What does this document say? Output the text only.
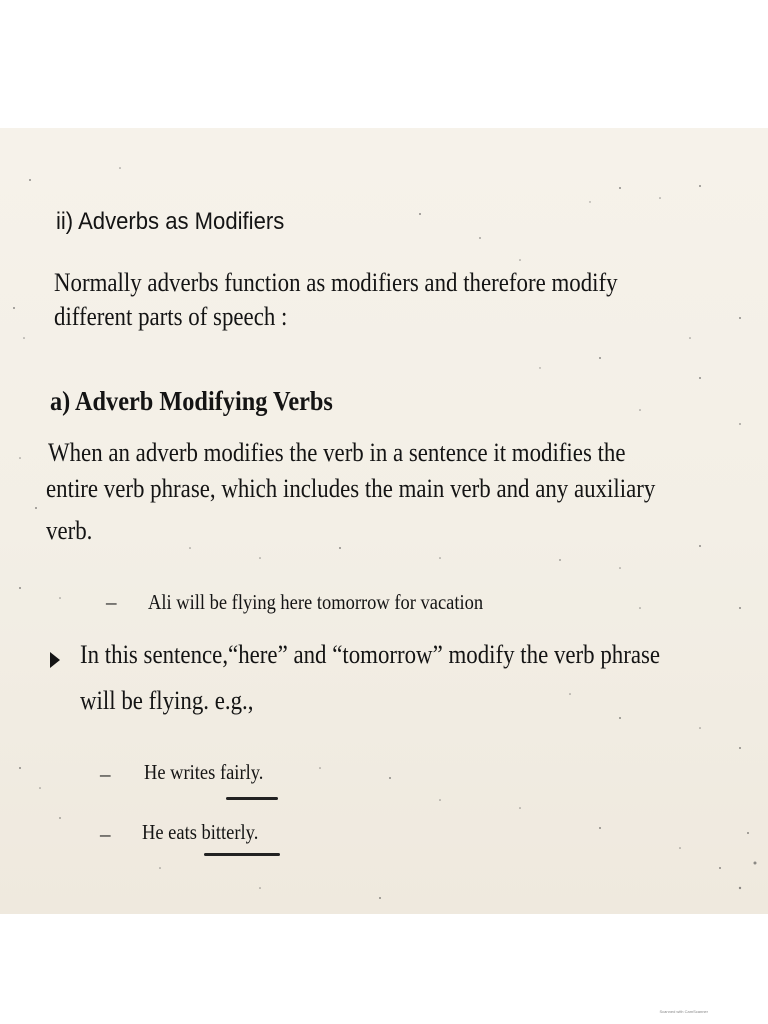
ii) Adverbs as Modifiers
Normally adverbs function as modifiers and therefore modify
different parts of speech :
a) Adverb Modifying Verbs
When an adverb modifies the verb in a sentence it modifies the
entire verb phrase, which includes the main verb and any auxiliary
verb.
– Ali will be flying here tomorrow for vacation
In this sentence,“here” and “tomorrow” modify the verb phrase
will be flying. e.g.,
– He writes fairly.
– He eats bitterly.
Scanned with CamScanner
